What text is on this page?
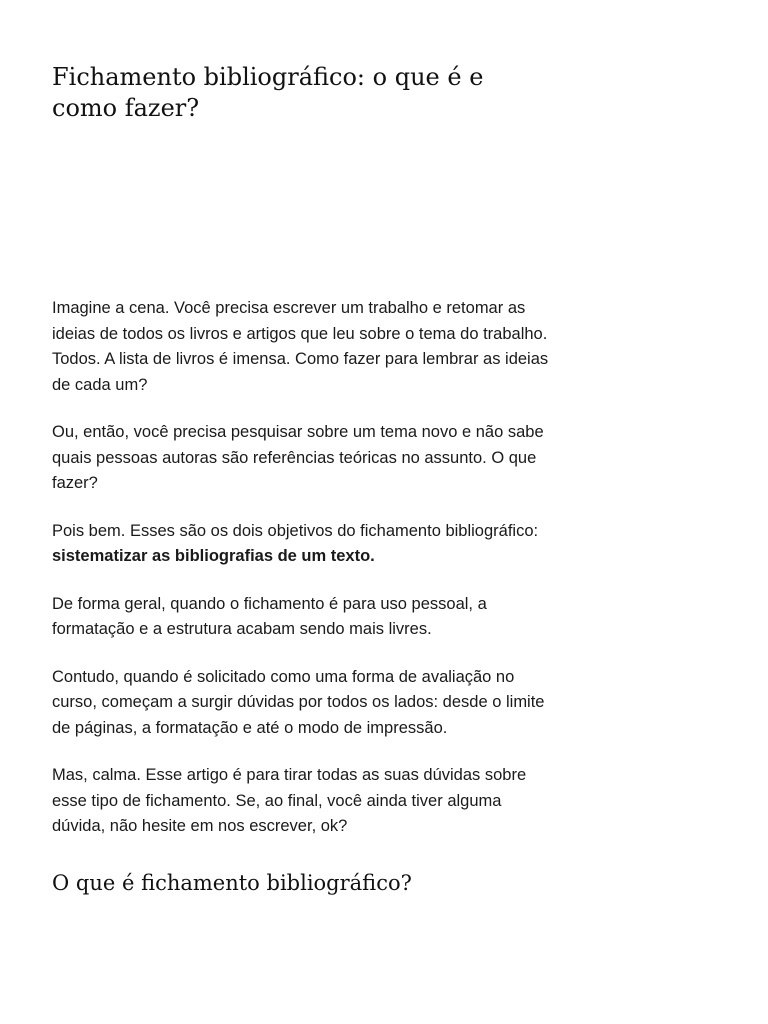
Fichamento bibliográfico: o que é e como fazer?

Imagine a cena. Você precisa escrever um trabalho e retomar as ideias de todos os livros e artigos que leu sobre o tema do trabalho. Todos. A lista de livros é imensa. Como fazer para lembrar as ideias de cada um?

Ou, então, você precisa pesquisar sobre um tema novo e não sabe quais pessoas autoras são referências teóricas no assunto. O que fazer?

Pois bem. Esses são os dois objetivos do fichamento bibliográfico: sistematizar as bibliografias de um texto.

De forma geral, quando o fichamento é para uso pessoal, a formatação e a estrutura acabam sendo mais livres.

Contudo, quando é solicitado como uma forma de avaliação no curso, começam a surgir dúvidas por todos os lados: desde o limite de páginas, a formatação e até o modo de impressão.

Mas, calma. Esse artigo é para tirar todas as suas dúvidas sobre esse tipo de fichamento. Se, ao final, você ainda tiver alguma dúvida, não hesite em nos escrever, ok?

O que é fichamento bibliográfico?
